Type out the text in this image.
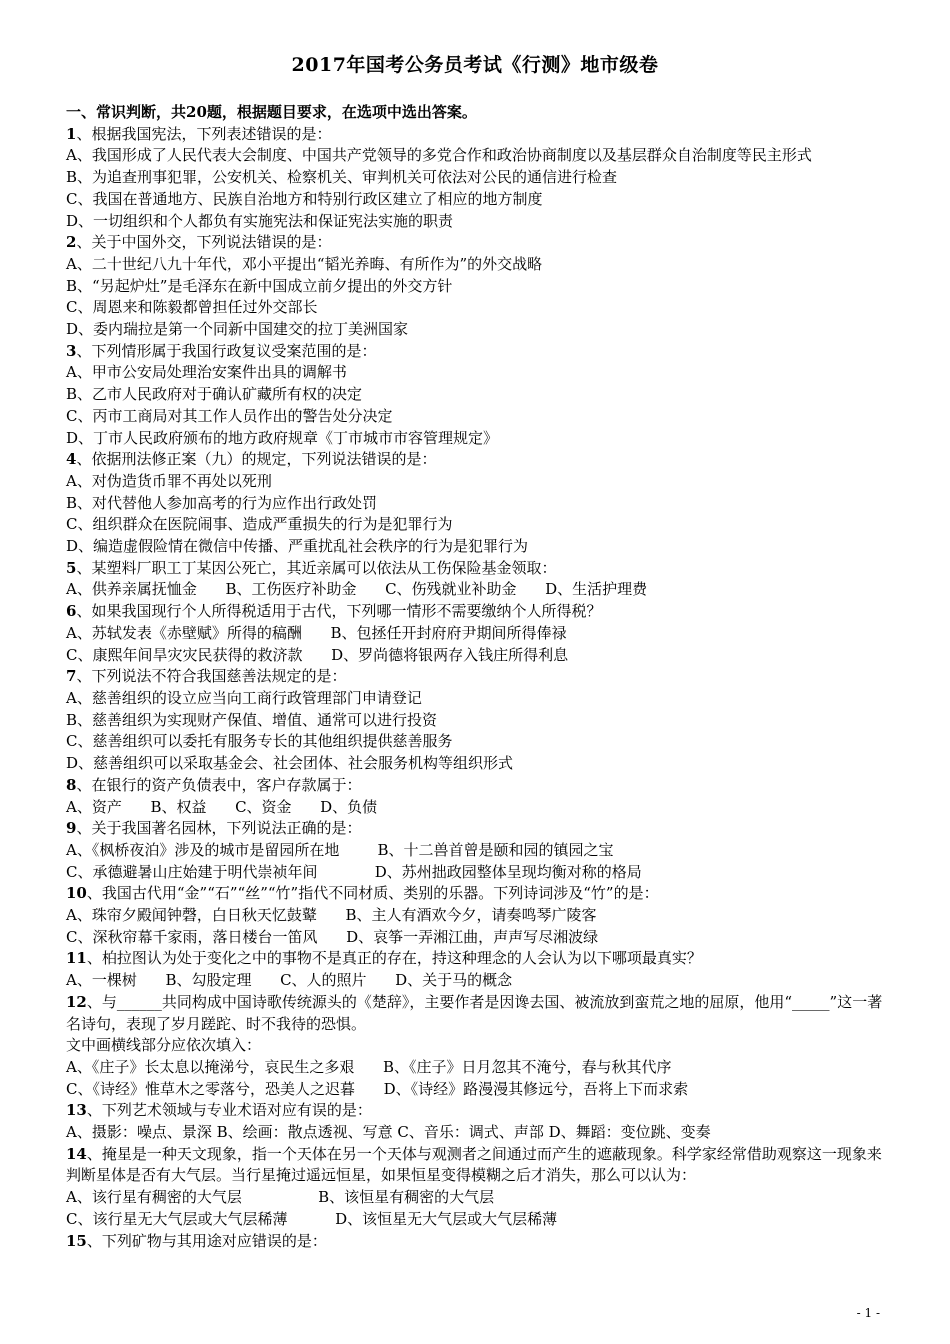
2017年国考公务员考试《行测》地市级卷
一、常识判断，共20题，根据题目要求，在选项中选出答案。
1、根据我国宪法，下列表述错误的是：
A、我国形成了人民代表大会制度、中国共产党领导的多党合作和政治协商制度以及基层群众自治制度等民主形式
B、为追查刑事犯罪，公安机关、检察机关、审判机关可依法对公民的通信进行检查
C、我国在普通地方、民族自治地方和特别行政区建立了相应的地方制度
D、一切组织和个人都负有实施宪法和保证宪法实施的职责
2、关于中国外交，下列说法错误的是：
A、二十世纪八九十年代，邓小平提出“韬光养晦、有所作为”的外交战略
B、“另起炉灶”是毛泽东在新中国成立前夕提出的外交方针
C、周恩来和陈毅都曾担任过外交部长
D、委内瑞拉是第一个同新中国建交的拉丁美洲国家
3、下列情形属于我国行政复议受案范围的是：
A、甲市公安局处理治安案件出具的调解书
B、乙市人民政府对于确认矿藏所有权的决定
C、丙市工商局对其工作人员作出的警告处分决定
D、丁市人民政府颁布的地方政府规章《丁市城市市容管理规定》
4、依据刑法修正案（九）的规定，下列说法错误的是：
A、对伪造货币罪不再处以死刑
B、对代替他人参加高考的行为应作出行政处罚
C、组织群众在医院闹事、造成严重损失的行为是犯罪行为
D、编造虚假险情在微信中传播、严重扰乱社会秩序的行为是犯罪行为
5、某塑料厂职工丁某因公死亡，其近亲属可以依法从工伤保险基金领取：
A、供养亲属抚恤金      B、工伤医疗补助金      C、伤残就业补助金      D、生活护理费
6、如果我国现行个人所得税适用于古代，下列哪一情形不需要缴纳个人所得税？
A、苏轼发表《赤壁赋》所得的稿酬      B、包拯任开封府府尹期间所得俸禄
C、康熙年间旱灾灾民获得的救济款      D、罗尚德将银两存入钱庄所得利息
7、下列说法不符合我国慈善法规定的是：
A、慈善组织的设立应当向工商行政管理部门申请登记
B、慈善组织为实现财产保值、增值、通常可以进行投资
C、慈善组织可以委托有服务专长的其他组织提供慈善服务
D、慈善组织可以采取基金会、社会团体、社会服务机构等组织形式
8、在银行的资产负债表中，客户存款属于：
A、资产      B、权益      C、资金      D、负债
9、关于我国著名园林，下列说法正确的是：
A、《枫桥夜泊》涉及的城市是留园所在地        B、十二兽首曾是颐和园的镇园之宝
C、承德避暑山庄始建于明代崇祯年间            D、苏州拙政园整体呈现均衡对称的格局
10、我国古代用“金”“石”“丝”“竹”指代不同材质、类别的乐器。下列诗词涉及“竹”的是：
A、珠帘夕殿闻钟磬，白日秋天忆鼓鼙      B、主人有酒欢今夕，请奏鸣琴广陵客
C、深秋帘幕千家雨，落日楼台一笛风      D、哀筝一弄湘江曲，声声写尽湘波绿
11、柏拉图认为处于变化之中的事物不是真正的存在，持这种理念的人会认为以下哪项最真实？
A、一棵树      B、勾股定理      C、人的照片      D、关于马的概念
12、与______共同构成中国诗歌传统源头的《楚辞》，主要作者是因谗去国、被流放到蛮荒之地的屈原，他用“_____”这一著名诗句，表现了岁月蹉跎、时不我待的恐惧。
文中画横线部分应依次填入：
A、《庄子》长太息以掩涕兮，哀民生之多艰      B、《庄子》日月忽其不淹兮，春与秋其代序
C、《诗经》惟草木之零落兮，恐美人之迟暮      D、《诗经》路漫漫其修远兮，吾将上下而求索
13、下列艺术领域与专业术语对应有误的是：
A、摄影：噪点、景深 B、绘画：散点透视、写意 C、音乐：调式、声部 D、舞蹈：变位跳、变奏
14、掩星是一种天文现象，指一个天体在另一个天体与观测者之间通过而产生的遮蔽现象。科学家经常借助观察这一现象来判断星体是否有大气层。当行星掩过遥远恒星，如果恒星变得模糊之后才消失，那么可以认为：
A、该行星有稠密的大气层                B、该恒星有稠密的大气层
C、该行星无大气层或大气层稀薄          D、该恒星无大气层或大气层稀薄
15、下列矿物与其用途对应错误的是：
- 1 -
